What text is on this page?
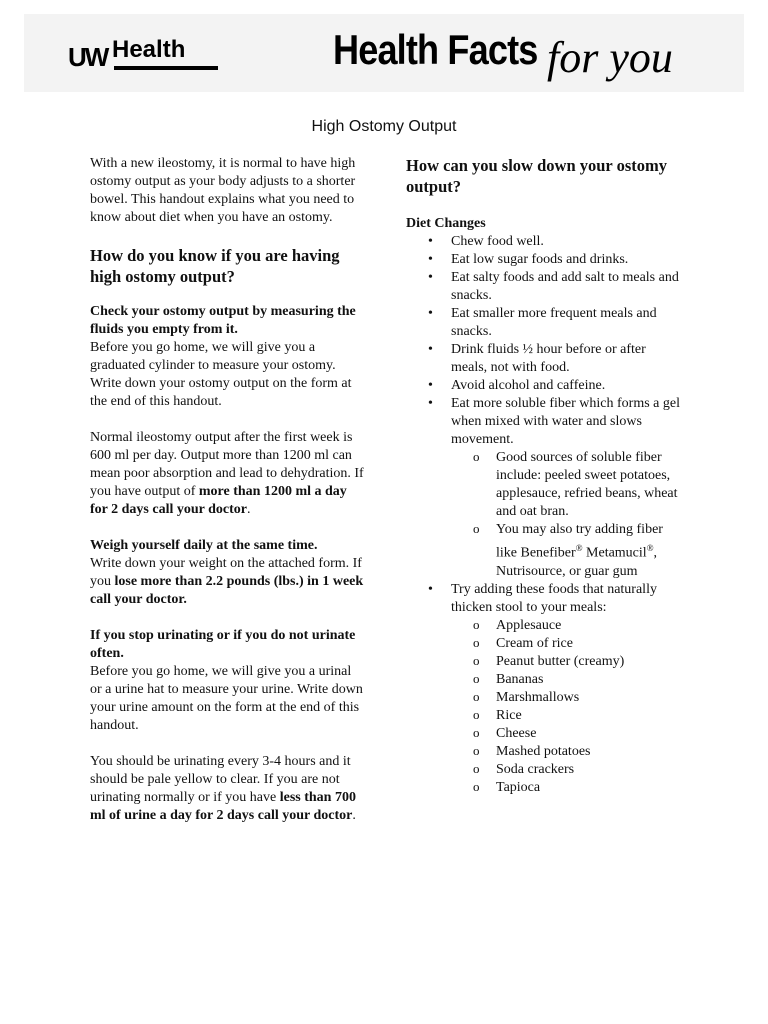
UW Health	Health Facts for you
High Ostomy Output

With a new ileostomy, it is normal to have high ostomy output as your body adjusts to a shorter bowel. This handout explains what you need to know about diet when you have an ostomy.

How do you know if you are having high ostomy output?

Check your ostomy output by measuring the fluids you empty from it.
Before you go home, we will give you a graduated cylinder to measure your ostomy. Write down your ostomy output on the form at the end of this handout.

Normal ileostomy output after the first week is 600 ml per day. Output more than 1200 ml can mean poor absorption and lead to dehydration. If you have output of more than 1200 ml a day for 2 days call your doctor.

Weigh yourself daily at the same time.
Write down your weight on the attached form. If you lose more than 2.2 pounds (lbs.) in 1 week call your doctor.

If you stop urinating or if you do not urinate often.
Before you go home, we will give you a urinal or a urine hat to measure your urine. Write down your urine amount on the form at the end of this handout.

You should be urinating every 3-4 hours and it should be pale yellow to clear. If you are not urinating normally or if you have less than 700 ml of urine a day for 2 days call your doctor.

How can you slow down your ostomy output?
Diet Changes
• Chew food well.
• Eat low sugar foods and drinks.
• Eat salty foods and add salt to meals and snacks.
• Eat smaller more frequent meals and snacks.
• Drink fluids ½ hour before or after meals, not with food.
• Avoid alcohol and caffeine.
• Eat more soluble fiber which forms a gel when mixed with water and slows movement.
o Good sources of soluble fiber include: peeled sweet potatoes, applesauce, refried beans, wheat and oat bran.
o You may also try adding fiber like Benefiber® Metamucil®, Nutrisource, or guar gum
• Try adding these foods that naturally thicken stool to your meals:
o Applesauce
o Cream of rice
o Peanut butter (creamy)
o Bananas
o Marshmallows
o Rice
o Cheese
o Mashed potatoes
o Soda crackers
o Tapioca
